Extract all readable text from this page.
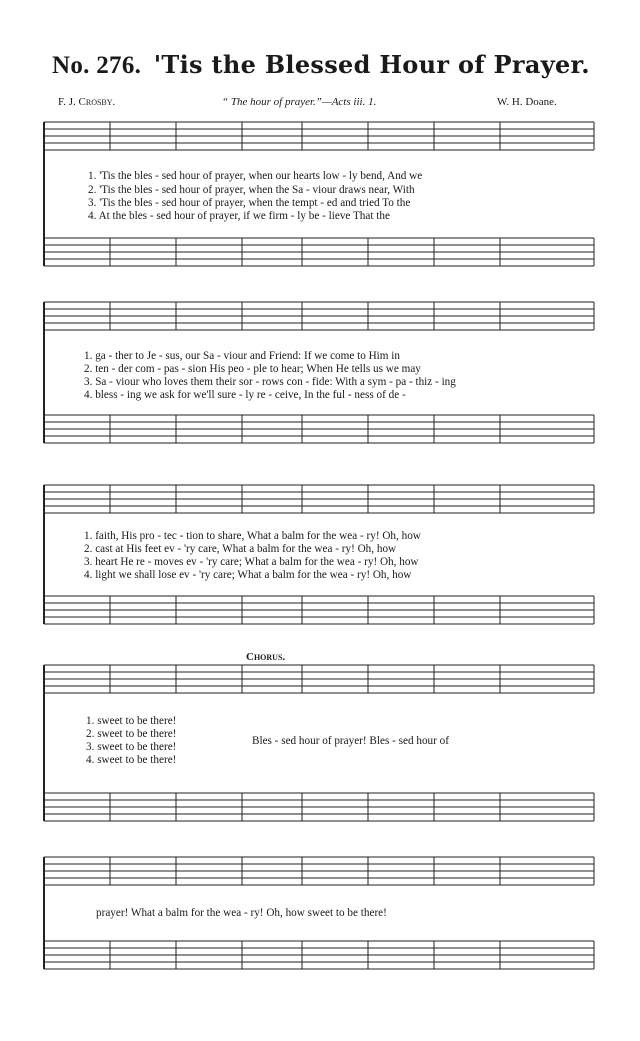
No. 276. 'Tis the Blessed Hour of Prayer.
F. J. Crosby.	“ The hour of prayer.”—Acts iii. 1.	W. H. Doane.
1. 'Tis the bles - sed hour of prayer, when our hearts low - ly bend, And we
2. 'Tis the bles - sed hour of prayer, when the Sa - viour draws near, With
3. 'Tis the bles - sed hour of prayer, when the tempt - ed and tried To the
4. At the bles - sed hour of prayer, if we firm - ly be - lieve That the
1. ga - ther to Je - sus, our Sa - viour and Friend: If we come to Him in
2. ten - der com - pas - sion His peo - ple to hear; When He tells us we may
3. Sa - viour who loves them their sor - rows con - fide: With a sym - pa - thiz - ing
4. bless - ing we ask for we'll sure - ly re - ceive, In the ful - ness of de -
1. faith, His pro - tec - tion to share, What a balm for the wea - ry! Oh, how
2. cast at His feet ev - 'ry care, What a balm for the wea - ry! Oh, how
3. heart He re - moves ev - 'ry care; What a balm for the wea - ry! Oh, how
4. light we shall lose ev - 'ry care; What a balm for the wea - ry! Oh, how
Chorus.
1. sweet to be there!
2. sweet to be there!
3. sweet to be there!
4. sweet to be there!
Bles - sed hour of prayer! Bles - sed hour of
prayer! What a balm for the wea - ry! Oh, how sweet to be there!
